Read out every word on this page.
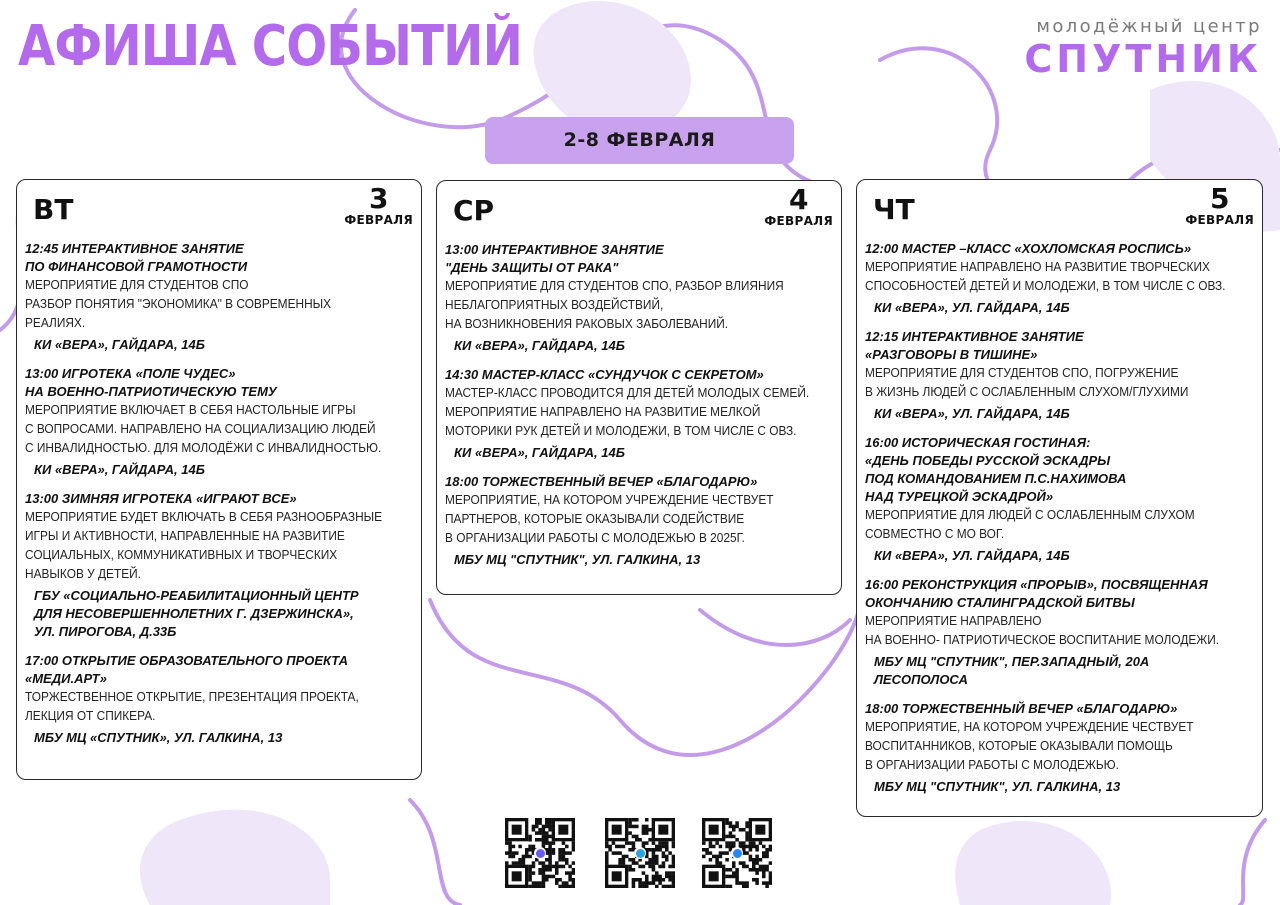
АФИША СОБЫТИЙ	молодёжный центр
СПУТНИК
2-8 ФЕВРАЛЯ
ВТ	3
ФЕВРАЛЯ
12:45 ИНТЕРАКТИВНОЕ ЗАНЯТИЕ
ПО ФИНАНСОВОЙ ГРАМОТНОСТИ
МЕРОПРИЯТИЕ ДЛЯ СТУДЕНТОВ СПО
РАЗБОР ПОНЯТИЯ "ЭКОНОМИКА" В СОВРЕМЕННЫХ
РЕАЛИЯХ.
КИ «ВЕРА», ГАЙДАРА, 14Б
13:00 ИГРОТЕКА «ПОЛЕ ЧУДЕС»
НА ВОЕННО-ПАТРИОТИЧЕСКУЮ ТЕМУ
МЕРОПРИЯТИЕ ВКЛЮЧАЕТ В СЕБЯ НАСТОЛЬНЫЕ ИГРЫ
С ВОПРОСАМИ. НАПРАВЛЕНО НА СОЦИАЛИЗАЦИЮ ЛЮДЕЙ
С ИНВАЛИДНОСТЬЮ. ДЛЯ МОЛОДЁЖИ С ИНВАЛИДНОСТЬЮ.
КИ «ВЕРА», ГАЙДАРА, 14Б
13:00 ЗИМНЯЯ ИГРОТЕКА «ИГРАЮТ ВСЕ»
МЕРОПРИЯТИЕ БУДЕТ ВКЛЮЧАТЬ В СЕБЯ РАЗНООБРАЗНЫЕ
ИГРЫ И АКТИВНОСТИ, НАПРАВЛЕННЫЕ НА РАЗВИТИЕ
СОЦИАЛЬНЫХ, КОММУНИКАТИВНЫХ И ТВОРЧЕСКИХ
НАВЫКОВ У ДЕТЕЙ.
ГБУ «СОЦИАЛЬНО-РЕАБИЛИТАЦИОННЫЙ ЦЕНТР
ДЛЯ НЕСОВЕРШЕННОЛЕТНИХ Г. ДЗЕРЖИНСКА»,
УЛ. ПИРОГОВА, Д.33Б
17:00 ОТКРЫТИЕ ОБРАЗОВАТЕЛЬНОГО ПРОЕКТА
«МЕДИ.АРТ»
ТОРЖЕСТВЕННОЕ ОТКРЫТИЕ, ПРЕЗЕНТАЦИЯ ПРОЕКТА,
ЛЕКЦИЯ ОТ СПИКЕРА.
МБУ МЦ «СПУТНИК», УЛ. ГАЛКИНА, 13
СР	4
ФЕВРАЛЯ
13:00 ИНТЕРАКТИВНОЕ ЗАНЯТИЕ
"ДЕНЬ ЗАЩИТЫ ОТ РАКА"
МЕРОПРИЯТИЕ ДЛЯ СТУДЕНТОВ СПО, РАЗБОР ВЛИЯНИЯ
НЕБЛАГОПРИЯТНЫХ ВОЗДЕЙСТВИЙ,
НА ВОЗНИКНОВЕНИЯ РАКОВЫХ ЗАБОЛЕВАНИЙ.
КИ «ВЕРА», ГАЙДАРА, 14Б
14:30 МАСТЕР-КЛАСС «СУНДУЧОК С СЕКРЕТОМ»
МАСТЕР-КЛАСС ПРОВОДИТСЯ ДЛЯ ДЕТЕЙ МОЛОДЫХ СЕМЕЙ.
МЕРОПРИЯТИЕ НАПРАВЛЕНО НА РАЗВИТИЕ МЕЛКОЙ
МОТОРИКИ РУК ДЕТЕЙ И МОЛОДЕЖИ, В ТОМ ЧИСЛЕ С ОВЗ.
КИ «ВЕРА», ГАЙДАРА, 14Б
18:00 ТОРЖЕСТВЕННЫЙ ВЕЧЕР «БЛАГОДАРЮ»
МЕРОПРИЯТИЕ, НА КОТОРОМ УЧРЕЖДЕНИЕ ЧЕСТВУЕТ
ПАРТНЕРОВ, КОТОРЫЕ ОКАЗЫВАЛИ СОДЕЙСТВИЕ
В ОРГАНИЗАЦИИ РАБОТЫ С МОЛОДЕЖЬЮ В 2025Г.
МБУ МЦ "СПУТНИК", УЛ. ГАЛКИНА, 13
ЧТ	5
ФЕВРАЛЯ
12:00 МАСТЕР –КЛАСС «ХОХЛОМСКАЯ РОСПИСЬ»
МЕРОПРИЯТИЕ НАПРАВЛЕНО НА РАЗВИТИЕ ТВОРЧЕСКИХ
СПОСОБНОСТЕЙ ДЕТЕЙ И МОЛОДЕЖИ, В ТОМ ЧИСЛЕ С ОВЗ.
КИ «ВЕРА», УЛ. ГАЙДАРА, 14Б
12:15 ИНТЕРАКТИВНОЕ ЗАНЯТИЕ
«РАЗГОВОРЫ В ТИШИНЕ»
МЕРОПРИЯТИЕ ДЛЯ СТУДЕНТОВ СПО, ПОГРУЖЕНИЕ
В ЖИЗНЬ ЛЮДЕЙ С ОСЛАБЛЕННЫМ СЛУХОМ/ГЛУХИМИ
КИ «ВЕРА», УЛ. ГАЙДАРА, 14Б
16:00 ИСТОРИЧЕСКАЯ ГОСТИНАЯ:
«ДЕНЬ ПОБЕДЫ РУССКОЙ ЭСКАДРЫ
ПОД КОМАНДОВАНИЕМ П.С.НАХИМОВА
НАД ТУРЕЦКОЙ ЭСКАДРОЙ»
МЕРОПРИЯТИЕ ДЛЯ ЛЮДЕЙ С ОСЛАБЛЕННЫМ СЛУХОМ
СОВМЕСТНО С МО ВОГ.
КИ «ВЕРА», УЛ. ГАЙДАРА, 14Б
16:00 РЕКОНСТРУКЦИЯ «ПРОРЫВ», ПОСВЯЩЕННАЯ
ОКОНЧАНИЮ СТАЛИНГРАДСКОЙ БИТВЫ
МЕРОПРИЯТИЕ НАПРАВЛЕНО
НА ВОЕННО- ПАТРИОТИЧЕСКОЕ ВОСПИТАНИЕ МОЛОДЕЖИ.
МБУ МЦ "СПУТНИК", ПЕР.ЗАПАДНЫЙ, 20А
ЛЕСОПОЛОСА
18:00 ТОРЖЕСТВЕННЫЙ ВЕЧЕР «БЛАГОДАРЮ»
МЕРОПРИЯТИЕ, НА КОТОРОМ УЧРЕЖДЕНИЕ ЧЕСТВУЕТ
ВОСПИТАННИКОВ, КОТОРЫЕ ОКАЗЫВАЛИ ПОМОЩЬ
В ОРГАНИЗАЦИИ РАБОТЫ С МОЛОДЕЖЬЮ.
МБУ МЦ "СПУТНИК", УЛ. ГАЛКИНА, 13
